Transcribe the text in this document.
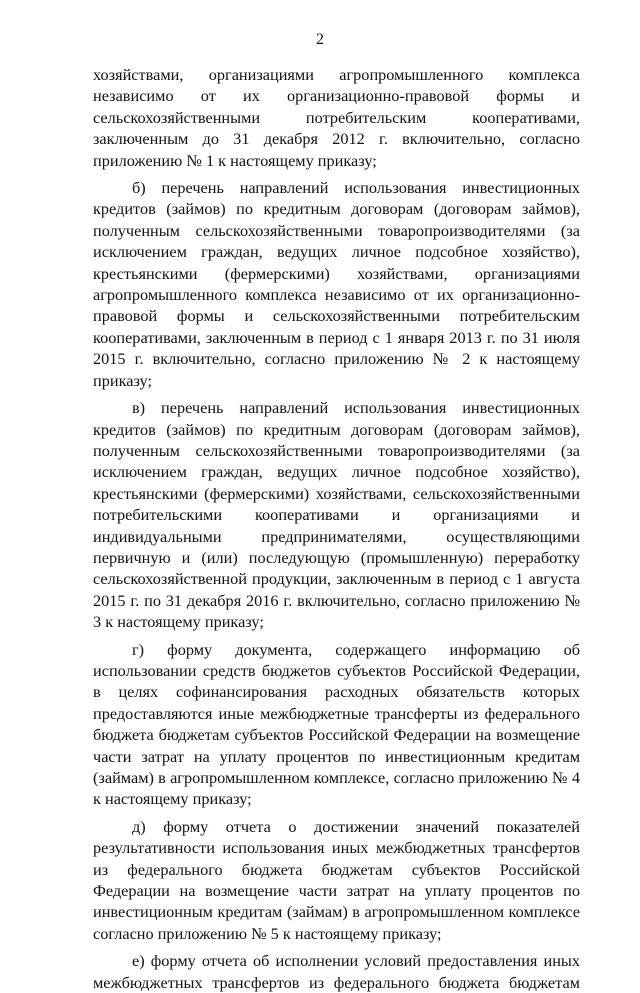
2

хозяйствами, организациями агропромышленного комплекса независимо от их организационно-правовой формы и сельскохозяйственными потребительским кооперативами, заключенным до 31 декабря 2012 г. включительно, согласно приложению № 1 к настоящему приказу;

б) перечень направлений использования инвестиционных кредитов (займов) по кредитным договорам (договорам займов), полученным сельскохозяйственными товаропроизводителями (за исключением граждан, ведущих личное подсобное хозяйство), крестьянскими (фермерскими) хозяйствами, организациями агропромышленного комплекса независимо от их организационно-правовой формы и сельскохозяйственными потребительским кооперативами, заключенным в период с 1 января 2013 г. по 31 июля 2015 г. включительно, согласно приложению № 2 к настоящему приказу;

в) перечень направлений использования инвестиционных кредитов (займов) по кредитным договорам (договорам займов), полученным сельскохозяйственными товаропроизводителями (за исключением граждан, ведущих личное подсобное хозяйство), крестьянскими (фермерскими) хозяйствами, сельскохозяйственными потребительскими кооперативами и организациями и индивидуальными предпринимателями, осуществляющими первичную и (или) последующую (промышленную) переработку сельскохозяйственной продукции, заключенным в период с 1 августа 2015 г. по 31 декабря 2016 г. включительно, согласно приложению № 3 к настоящему приказу;

г) форму документа, содержащего информацию об использовании средств бюджетов субъектов Российской Федерации, в целях софинансирования расходных обязательств которых предоставляются иные межбюджетные трансферты из федерального бюджета бюджетам субъектов Российской Федерации на возмещение части затрат на уплату процентов по инвестиционным кредитам (займам) в агропромышленном комплексе, согласно приложению № 4 к настоящему приказу;

д) форму отчета о достижении значений показателей результативности использования иных межбюджетных трансфертов из федерального бюджета бюджетам субъектов Российской Федерации на возмещение части затрат на уплату процентов по инвестиционным кредитам (займам) в агропромышленном комплексе согласно приложению № 5 к настоящему приказу;

е) форму отчета об исполнении условий предоставления иных межбюджетных трансфертов из федерального бюджета бюджетам
